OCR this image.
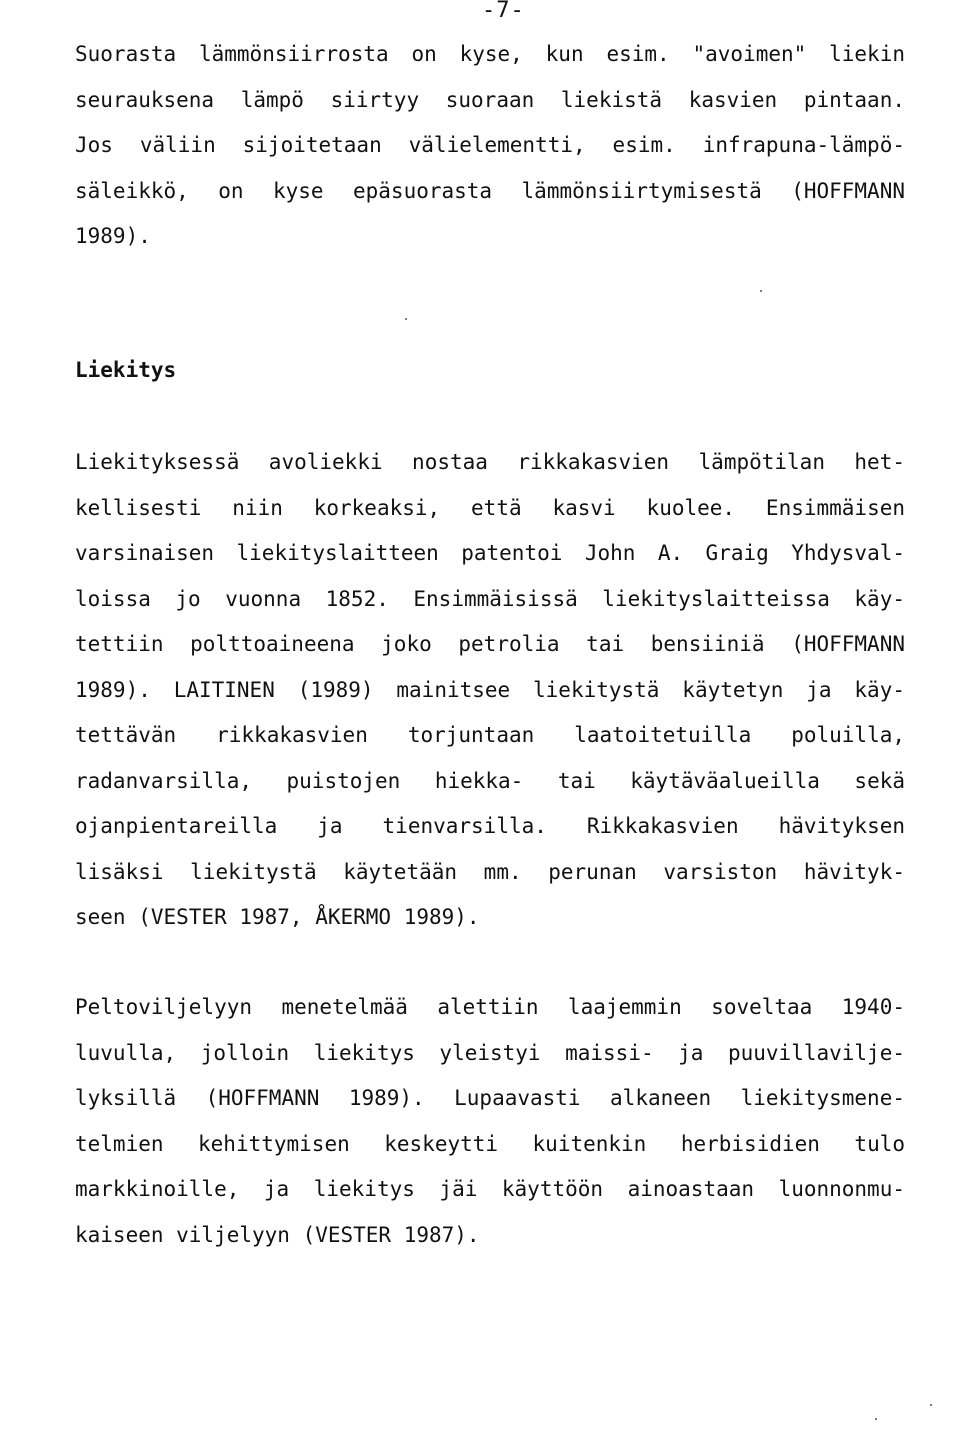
-7-
Suorasta lämmönsiirrosta on kyse, kun esim. "avoimen" liekin
seurauksena lämpö siirtyy suoraan liekistä kasvien pintaan.
Jos väliin sijoitetaan välielementti, esim. infrapuna-lämpö-
säleikkö, on kyse epäsuorasta lämmönsiirtymisestä (HOFFMANN
1989).
Liekitys
Liekityksessä avoliekki nostaa rikkakasvien lämpötilan het-
kellisesti niin korkeaksi, että kasvi kuolee. Ensimmäisen
varsinaisen liekityslaitteen patentoi John A. Graig Yhdysval-
loissa jo vuonna 1852. Ensimmäisissä liekityslaitteissa käy-
tettiin polttoaineena joko petrolia tai bensiiniä (HOFFMANN
1989). LAITINEN (1989) mainitsee liekitystä käytetyn ja käy-
tettävän rikkakasvien torjuntaan laatoitetuilla poluilla,
radanvarsilla, puistojen hiekka- tai käytäväalueilla sekä
ojanpientareilla ja tienvarsilla. Rikkakasvien hävityksen
lisäksi liekitystä käytetään mm. perunan varsiston hävityk-
seen (VESTER 1987, ÅKERMO 1989).
Peltoviljelyyn menetelmää alettiin laajemmin soveltaa 1940-
luvulla, jolloin liekitys yleistyi maissi- ja puuvillavilje-
lyksillä (HOFFMANN 1989). Lupaavasti alkaneen liekitysmene-
telmien kehittymisen keskeytti kuitenkin herbisidien tulo
markkinoille, ja liekitys jäi käyttöön ainoastaan luonnonmu-
kaiseen viljelyyn (VESTER 1987).
